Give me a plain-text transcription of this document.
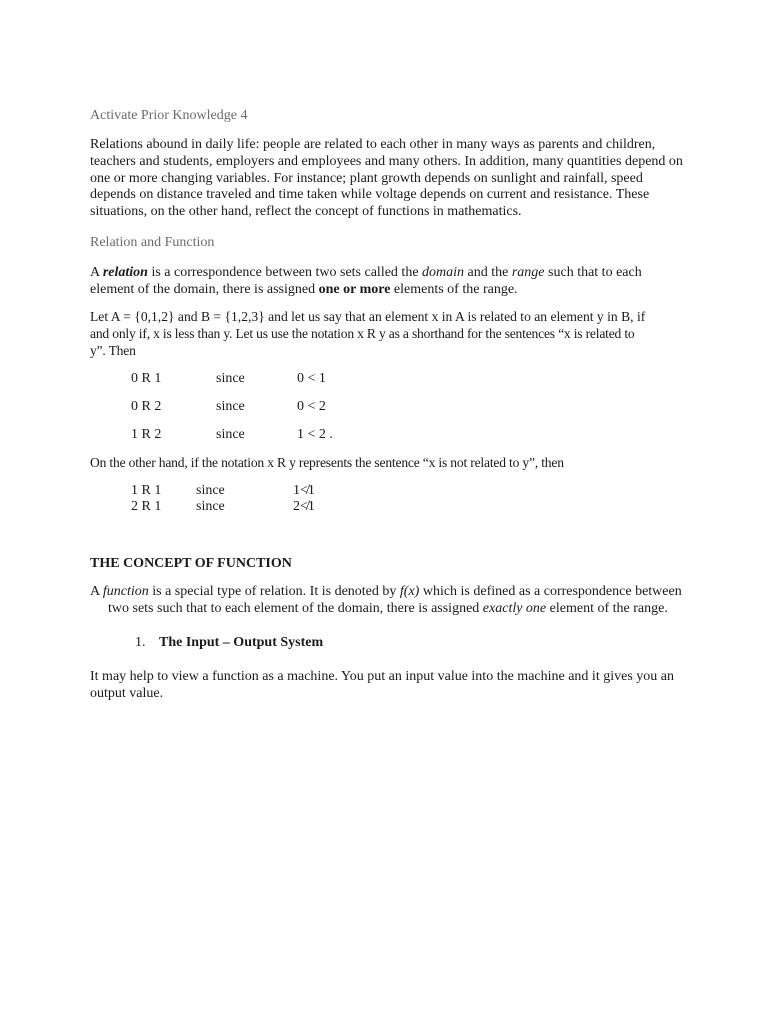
Activate Prior Knowledge 4

Relations abound in daily life: people are related to each other in many ways as parents and children, teachers and students, employers and employees and many others. In addition, many quantities depend on one or more changing variables. For instance; plant growth depends on sunlight and rainfall, speed depends on distance traveled and time taken while voltage depends on current and resistance. These situations, on the other hand, reflect the concept of functions in mathematics.

Relation and Function

A relation is a correspondence between two sets called the domain and the range such that to each element of the domain, there is assigned one or more elements of the range.

Let A = {0,1,2} and B = {1,2,3} and let us say that an element x in A is related to an element y in B, if
and only if, x is less than y. Let us use the notation x R y as a shorthand for the sentences “x is related to
y”. Then
0 R 1	since	0 < 1
0 R 2	since	0 < 2
1 R 2	since	1 < 2 .

On the other hand, if the notation x R y represents the sentence “x is not related to y”, then

1 R 1 since	1≮1
2 R 1 since	2≮1

THE CONCEPT OF FUNCTION

A function is a special type of relation. It is denoted by f(x) which is defined as a correspondence between
two sets such that to each element of the domain, there is assigned exactly one element of the range.
1. The Input – Output System

It may help to view a function as a machine. You put an input value into the machine and it gives you an output value.
